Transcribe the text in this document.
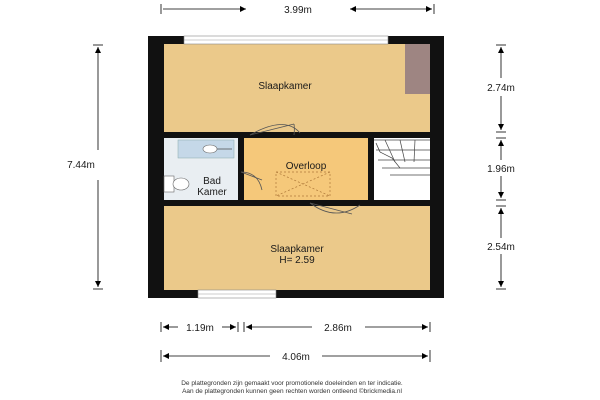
Slaapkamer
Overloop
Bad
Kamer
Slaapkamer
H= 2.59
3.99m
7.44m
2.74m
1.96m
2.54m
1.19m	2.86m
4.06m
De plattegronden zijn gemaakt voor promotionele doeleinden en ter indicatie.
Aan de plattegronden kunnen geen rechten worden ontleend ©brickmedia.nl
